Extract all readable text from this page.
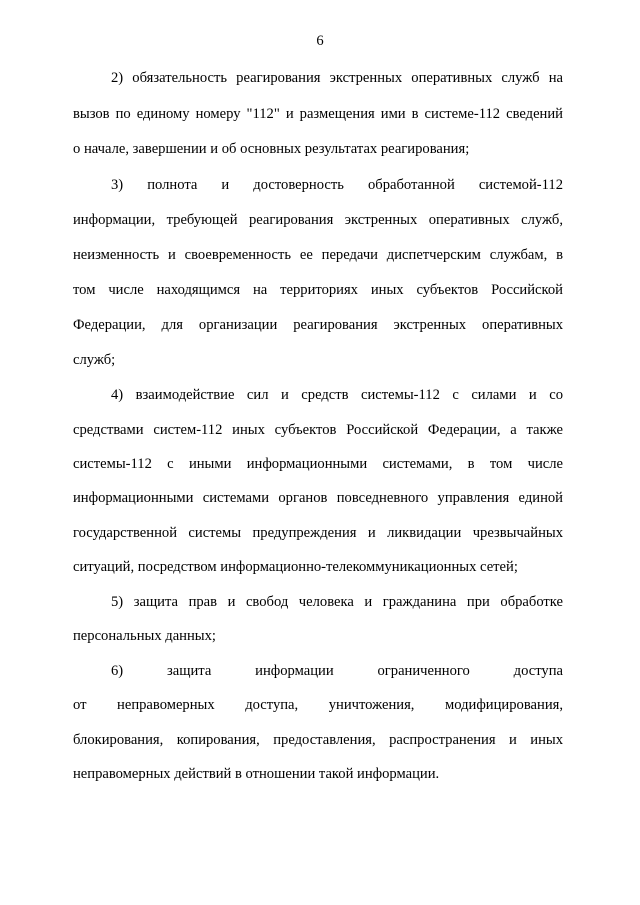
6
2) обязательность реагирования экстренных оперативных служб на
вызов по единому номеру "112" и размещения ими в системе-112 сведений
о начале, завершении и об основных результатах реагирования;
3) полнота и достоверность обработанной системой-112
информации, требующей реагирования экстренных оперативных служб,
неизменность и своевременность ее передачи диспетчерским службам, в
том числе находящимся на территориях иных субъектов Российской
Федерации, для организации реагирования экстренных оперативных
служб;
4) взаимодействие сил и средств системы-112 с силами и со
средствами систем-112 иных субъектов Российской Федерации, а также
системы-112 с иными информационными системами, в том числе
информационными системами органов повседневного управления единой
государственной системы предупреждения и ликвидации чрезвычайных
ситуаций, посредством информационно-телекоммуникационных сетей;
5) защита прав и свобод человека и гражданина при обработке
персональных данных;
6) защита информации ограниченного доступа
от неправомерных доступа, уничтожения, модифицирования,
блокирования, копирования, предоставления, распространения и иных
неправомерных действий в отношении такой информации.
